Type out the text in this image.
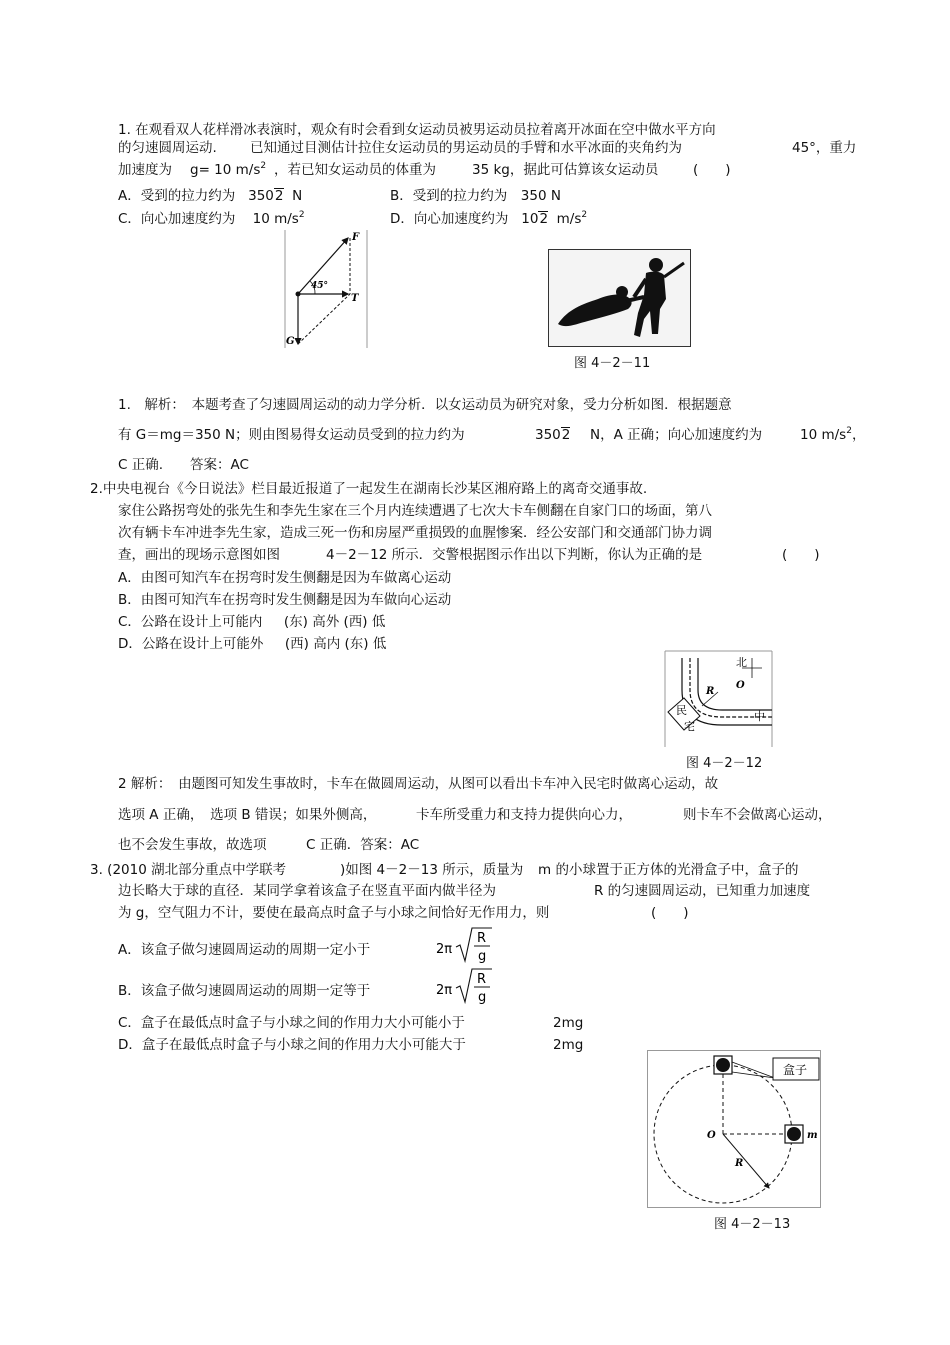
1. 在观看双人花样滑冰表演时，观众有时会看到女运动员被男运动员拉着离开冰面在空中做水平方向
的匀速圆周运动. 已知通过目测估计拉住女运动员的男运动员的手臂和水平冰面的夹角约为	45°，重力
加速度为 g= 10 $m/s^2$ ，若已知女运动员的体重为	35 kg，据此可估算该女运动员	(　　)
A．受到的拉力约为 3502 N	B．受到的拉力约为　350 N
C．向心加速度约为 10 $m/s^2$	D．向心加速度约为 102 $m/s^2$
F
T
G
45°
图 4－2－11
1.　解析：　本题考查了匀速圆周运动的动力学分析．以女运动员为研究对象，受力分析如图．根据题意
有 G＝mg＝350 N；则由图易得女运动员受到的拉力约为	3502 N，A 正确；向心加速度约为	10 $m/s^2$，
C 正确.　　答案：AC
2.中央电视台《今日说法》栏目最近报道了一起发生在湖南长沙某区湘府路上的离奇交通事故.
家住公路拐弯处的张先生和李先生家在三个月内连续遭遇了七次大卡车侧翻在自家门口的场面，第八
次有辆卡车冲进李先生家，造成三死一伤和房屋严重损毁的血腥惨案．经公安部门和交通部门协力调
查，画出的现场示意图如图	4－2－12 所示．交警根据图示作出以下判断，你认为正确的是	(　　)
A．由图可知汽车在拐弯时发生侧翻是因为车做离心运动
B．由图可知汽车在拐弯时发生侧翻是因为车做向心运动
C．公路在设计上可能内 (东) 高外 (西) 低
D．公路在设计上可能外 (西) 高内 (东) 低
北
O
R
中
民
宅
图 4－2－12
2 解析：　由题图可知发生事故时，卡车在做圆周运动，从图可以看出卡车冲入民宅时做离心运动，故
选项 A 正确，　选项 B 错误；如果外侧高，	卡车所受重力和支持力提供向心力，	则卡车不会做离心运动，
也不会发生事故，故选项	C 正确．答案：AC
3. (2010 湖北部分重点中学联考	)如图 4－2－13 所示，质量为 m 的小球置于正方体的光滑盒子中，盒子的
边长略大于球的直径．某同学拿着该盒子在竖直平面内做半径为	R 的匀速圆周运动，已知重力加速度
为 g，空气阻力不计，要使在最高点时盒子与小球之间恰好无作用力，则	(　　)
A．该盒子做匀速圆周运动的周期一定小于	2π
R
g
B．该盒子做匀速圆周运动的周期一定等于	2π
R
g
C．盒子在最低点时盒子与小球之间的作用力大小可能小于	2mg
D．盒子在最低点时盒子与小球之间的作用力大小可能大于	2mg
盒子
O	m
R
图 4－2－13
